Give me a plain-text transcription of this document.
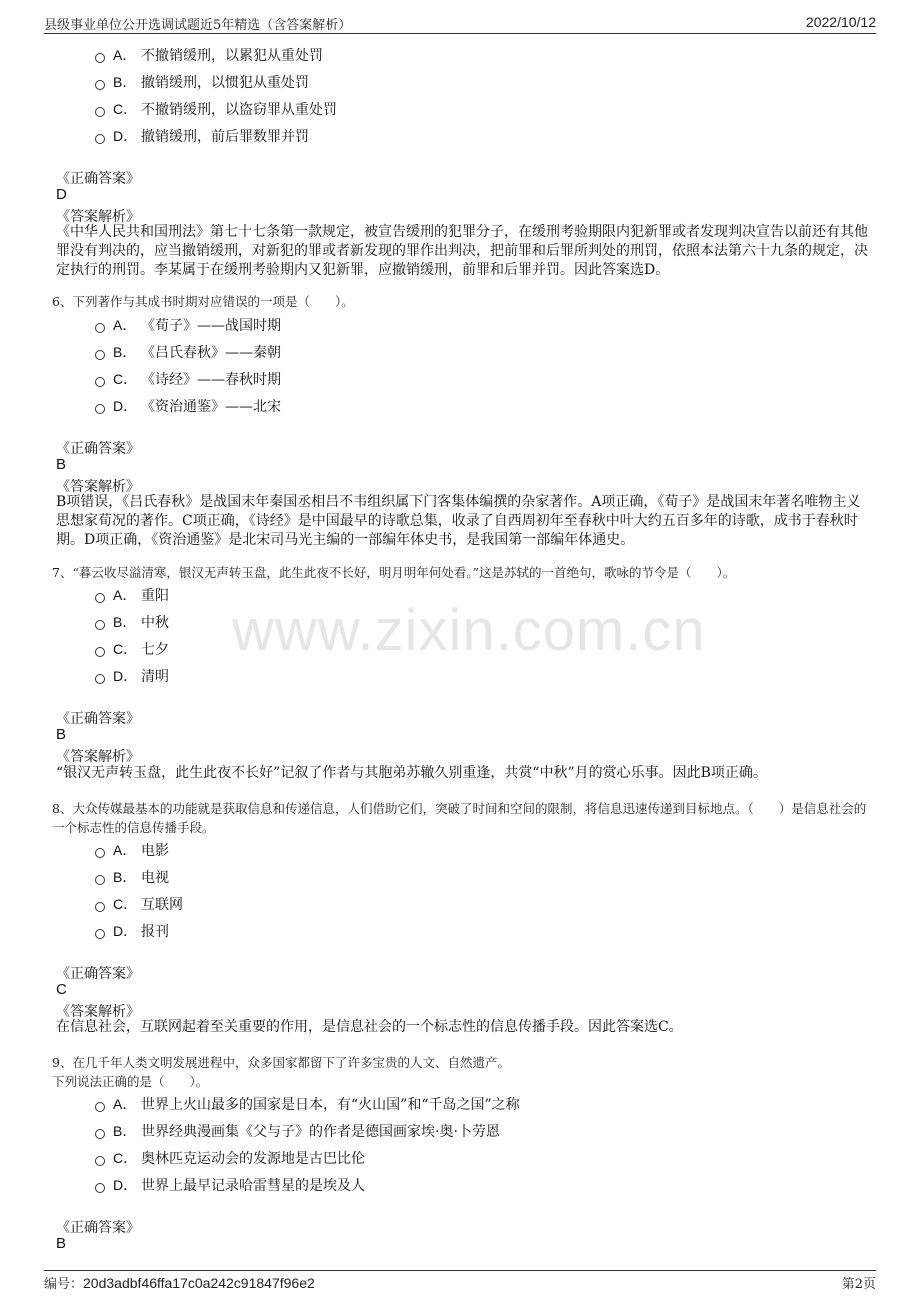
县级事业单位公开选调试题近5年精选（含答案解析）	2022/10/12
www.zixin.com.cn
A． 不撤销缓刑，以累犯从重处罚
B． 撤销缓刑，以惯犯从重处罚
C． 不撤销缓刑，以盗窃罪从重处罚
D． 撤销缓刑，前后罪数罪并罚
《正确答案》
D
《答案解析》
《中华人民共和国刑法》第七十七条第一款规定，被宣告缓刑的犯罪分子，在缓刑考验期限内犯新罪或者发现判决宣告以前还有其他罪没有判决的，应当撤销缓刑，对新犯的罪或者新发现的罪作出判决，把前罪和后罪所判处的刑罚，依照本法第六十九条的规定，决定执行的刑罚。李某属于在缓刑考验期内又犯新罪，应撤销缓刑，前罪和后罪并罚。因此答案选D。
6、下列著作与其成书时期对应错误的一项是（　　）。
A． 《荀子》——战国时期
B． 《吕氏春秋》——秦朝
C． 《诗经》——春秋时期
D． 《资治通鉴》——北宋
《正确答案》
B
《答案解析》
B项错误，《吕氏春秋》是战国末年秦国丞相吕不韦组织属下门客集体编撰的杂家著作。A项正确，《荀子》是战国末年著名唯物主义思想家荀况的著作。C项正确，《诗经》是中国最早的诗歌总集，收录了自西周初年至春秋中叶大约五百多年的诗歌，成书于春秋时期。D项正确，《资治通鉴》是北宋司马光主编的一部编年体史书，是我国第一部编年体通史。
7、“暮云收尽溢清寒，银汉无声转玉盘，此生此夜不长好，明月明年何处看。”这是苏轼的一首绝句，歌咏的节令是（　　）。
A． 重阳
B． 中秋
C． 七夕
D． 清明
《正确答案》
B
《答案解析》
“银汉无声转玉盘，此生此夜不长好”记叙了作者与其胞弟苏辙久别重逢，共赏“中秋”月的赏心乐事。因此B项正确。
8、大众传媒最基本的功能就是获取信息和传递信息，人们借助它们，突破了时间和空间的限制，将信息迅速传递到目标地点。（　　）是信息社会的一个标志性的信息传播手段。
A． 电影
B． 电视
C． 互联网
D． 报刊
《正确答案》
C
《答案解析》
在信息社会，互联网起着至关重要的作用，是信息社会的一个标志性的信息传播手段。因此答案选C。
9、在几千年人类文明发展进程中，众多国家都留下了许多宝贵的人文、自然遗产。
下列说法正确的是（　　）。
A． 世界上火山最多的国家是日本，有“火山国”和“千岛之国”之称
B． 世界经典漫画集《父与子》的作者是德国画家埃·奥·卜劳恩
C． 奥林匹克运动会的发源地是古巴比伦
D． 世界上最早记录哈雷彗星的是埃及人
《正确答案》
B
编号：20d3adbf46ffa17c0a242c91847f96e2	第2页
